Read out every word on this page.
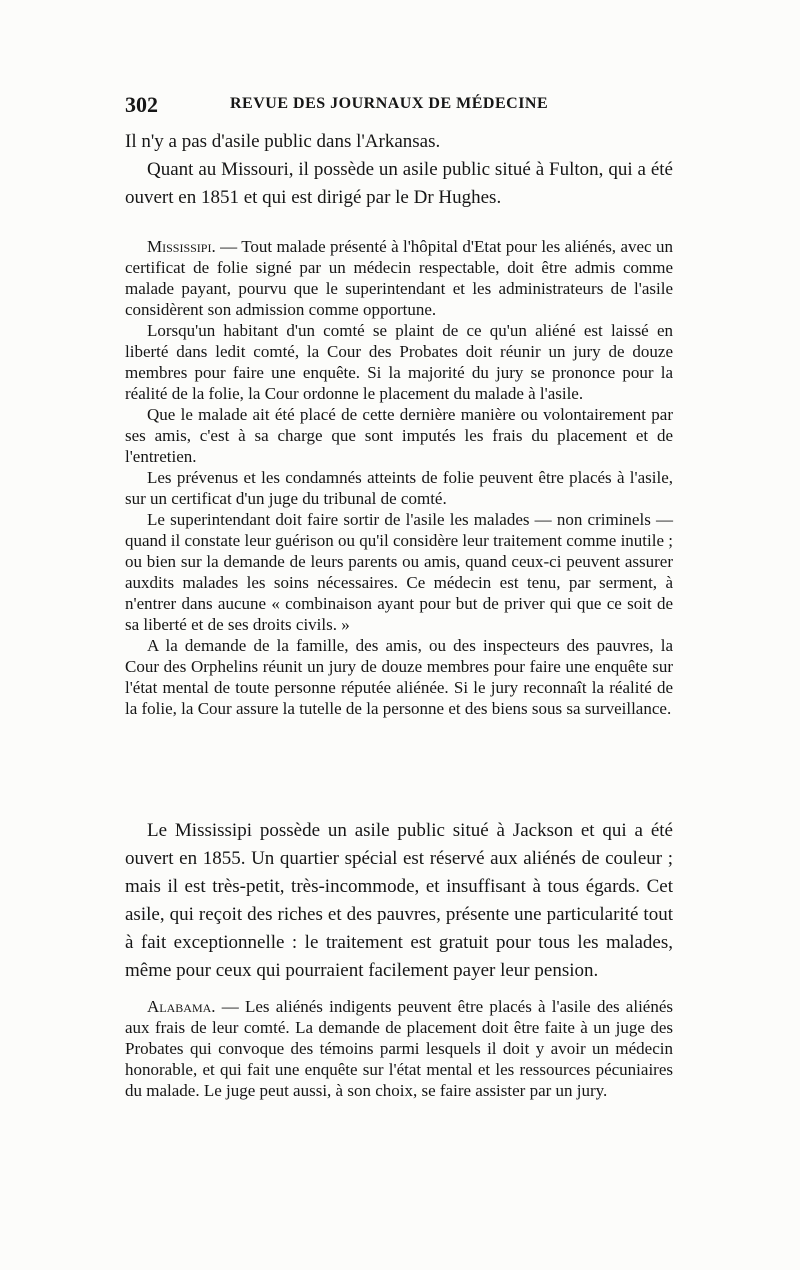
302	REVUE DES JOURNAUX DE MÉDECINE

Il n'y a pas d'asile public dans l'Arkansas.

Quant au Missouri, il possède un asile public situé à Fulton, qui a été ouvert en 1851 et qui est dirigé par le Dr Hughes.

Mississipi. — Tout malade présenté à l'hôpital d'Etat pour les aliénés, avec un certificat de folie signé par un médecin respectable, doit être admis comme malade payant, pourvu que le superintendant et les administrateurs de l'asile considèrent son admission comme opportune.

Lorsqu'un habitant d'un comté se plaint de ce qu'un aliéné est laissé en liberté dans ledit comté, la Cour des Probates doit réunir un jury de douze membres pour faire une enquête. Si la majorité du jury se prononce pour la réalité de la folie, la Cour ordonne le placement du malade à l'asile.

Que le malade ait été placé de cette dernière manière ou volontairement par ses amis, c'est à sa charge que sont imputés les frais du placement et de l'entretien.

Les prévenus et les condamnés atteints de folie peuvent être placés à l'asile, sur un certificat d'un juge du tribunal de comté.

Le superintendant doit faire sortir de l'asile les malades — non criminels — quand il constate leur guérison ou qu'il considère leur traitement comme inutile ; ou bien sur la demande de leurs parents ou amis, quand ceux-ci peuvent assurer auxdits malades les soins nécessaires. Ce médecin est tenu, par serment, à n'entrer dans aucune « combinaison ayant pour but de priver qui que ce soit de sa liberté et de ses droits civils. »

A la demande de la famille, des amis, ou des inspecteurs des pauvres, la Cour des Orphelins réunit un jury de douze membres pour faire une enquête sur l'état mental de toute personne réputée aliénée. Si le jury reconnaît la réalité de la folie, la Cour assure la tutelle de la personne et des biens sous sa surveillance.

Le Mississipi possède un asile public situé à Jackson et qui a été ouvert en 1855. Un quartier spécial est réservé aux aliénés de couleur ; mais il est très-petit, très-incommode, et insuffisant à tous égards. Cet asile, qui reçoit des riches et des pauvres, présente une particularité tout à fait exceptionnelle : le traitement est gratuit pour tous les malades, même pour ceux qui pourraient facilement payer leur pension.

Alabama. — Les aliénés indigents peuvent être placés à l'asile des aliénés aux frais de leur comté. La demande de placement doit être faite à un juge des Probates qui convoque des témoins parmi lesquels il doit y avoir un médecin honorable, et qui fait une enquête sur l'état mental et les ressources pécuniaires du malade. Le juge peut aussi, à son choix, se faire assister par un jury.
